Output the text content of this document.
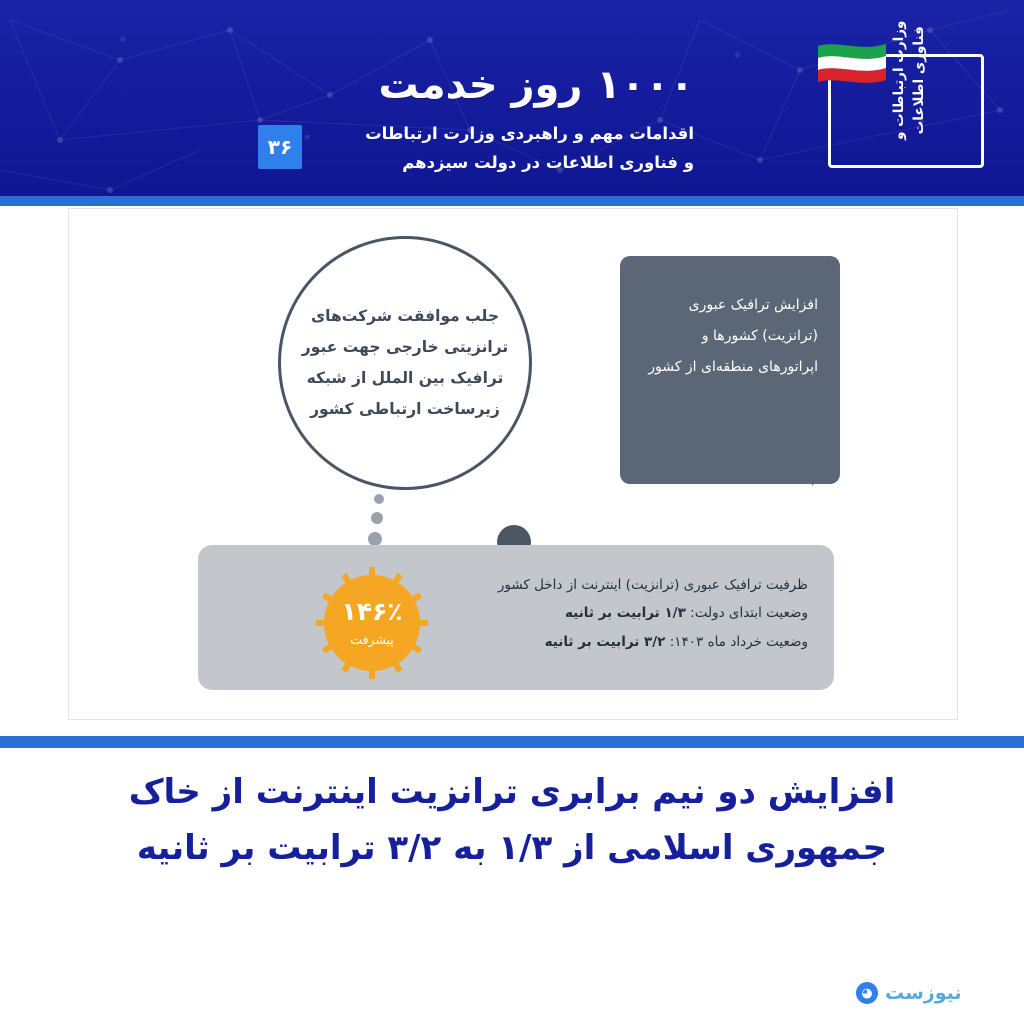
۱۰۰۰ روز خدمت
اقدامات مهم و راهبردی وزارت ارتباطات
و فناوری اطلاعات در دولت سیزدهم
۳۶
وزارت ارتباطات و فناوری اطلاعات
جلب موافقت شرکت‌های ترانزیتی خارجی جهت عبور ترافیک بین الملل از شبکه زیرساخت ارتباطی کشور
افزایش ترافیک عبوری (ترانزیت) کشورها و اپراتورهای منطقه‌ای از کشور
ظرفیت ترافیک عبوری (ترانزیت) اینترنت از داخل کشور
وضعیت ابتدای دولت: ۱/۳ ترابیت بر ثانیه
وضعیت خرداد ماه ۱۴۰۳: ۳/۲ ترابیت بر ثانیه
۱۴۶٪
پیشرفت
افزایش دو نیم برابری ترانزیت اینترنت از خاک
جمهوری اسلامی از ۱/۳ به ۳/۲ ترابیت بر ثانیه
نیوزست
◕
